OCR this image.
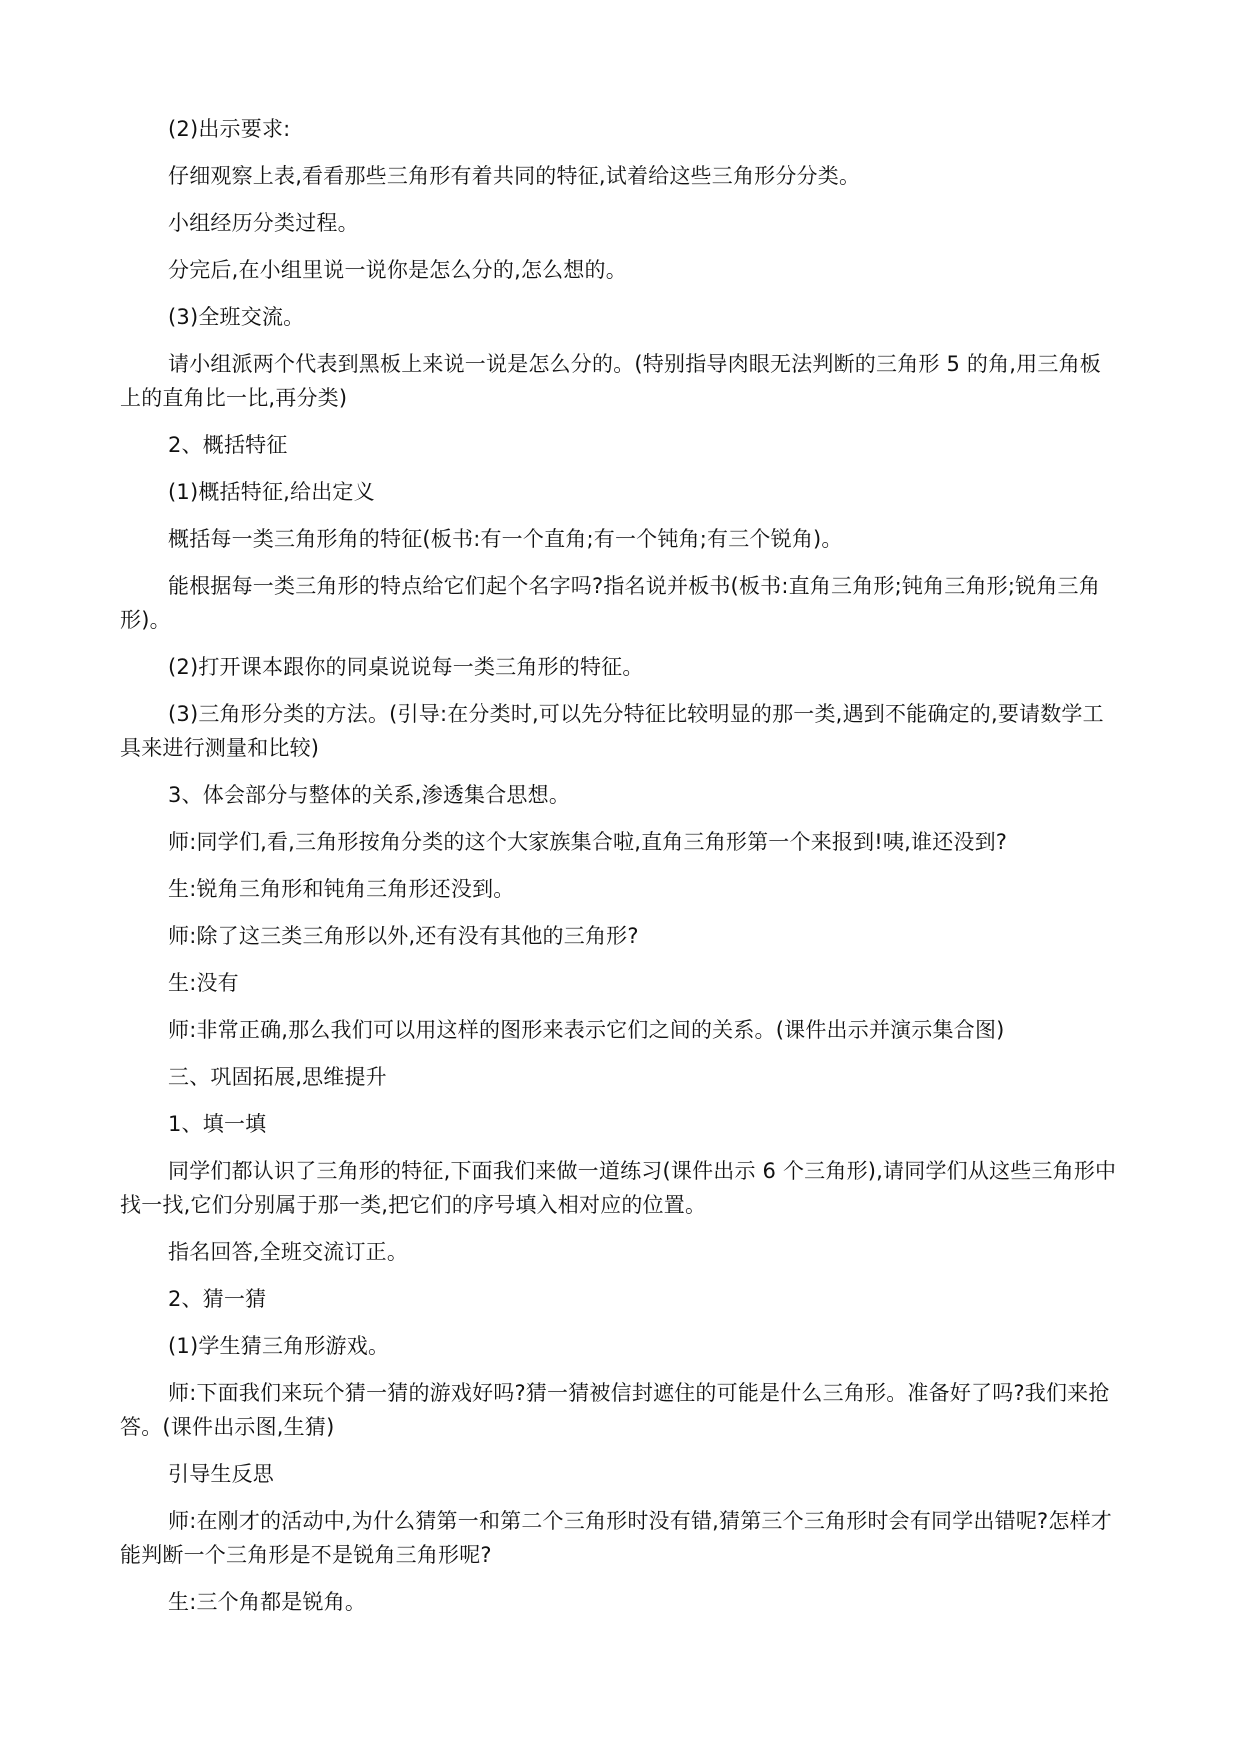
(2)出示要求:

仔细观察上表,看看那些三角形有着共同的特征,试着给这些三角形分分类。

小组经历分类过程。

分完后,在小组里说一说你是怎么分的,怎么想的。

(3)全班交流。

请小组派两个代表到黑板上来说一说是怎么分的。(特别指导肉眼无法判断的三角形 5 的角,用三角板上的直角比一比,再分类)

2、概括特征

(1)概括特征,给出定义

概括每一类三角形角的特征(板书:有一个直角;有一个钝角;有三个锐角)。

能根据每一类三角形的特点给它们起个名字吗?指名说并板书(板书:直角三角形;钝角三角形;锐角三角形)。

(2)打开课本跟你的同桌说说每一类三角形的特征。

(3)三角形分类的方法。(引导:在分类时,可以先分特征比较明显的那一类,遇到不能确定的,要请数学工具来进行测量和比较)

3、体会部分与整体的关系,渗透集合思想。

师:同学们,看,三角形按角分类的这个大家族集合啦,直角三角形第一个来报到!咦,谁还没到?

生:锐角三角形和钝角三角形还没到。

师:除了这三类三角形以外,还有没有其他的三角形?

生:没有

师:非常正确,那么我们可以用这样的图形来表示它们之间的关系。(课件出示并演示集合图)

三、巩固拓展,思维提升

1、填一填

同学们都认识了三角形的特征,下面我们来做一道练习(课件出示 6 个三角形),请同学们从这些三角形中找一找,它们分别属于那一类,把它们的序号填入相对应的位置。

指名回答,全班交流订正。

2、猜一猜

(1)学生猜三角形游戏。

师:下面我们来玩个猜一猜的游戏好吗?猜一猜被信封遮住的可能是什么三角形。准备好了吗?我们来抢答。(课件出示图,生猜)

引导生反思

师:在刚才的活动中,为什么猜第一和第二个三角形时没有错,猜第三个三角形时会有同学出错呢?怎样才能判断一个三角形是不是锐角三角形呢?

生:三个角都是锐角。
